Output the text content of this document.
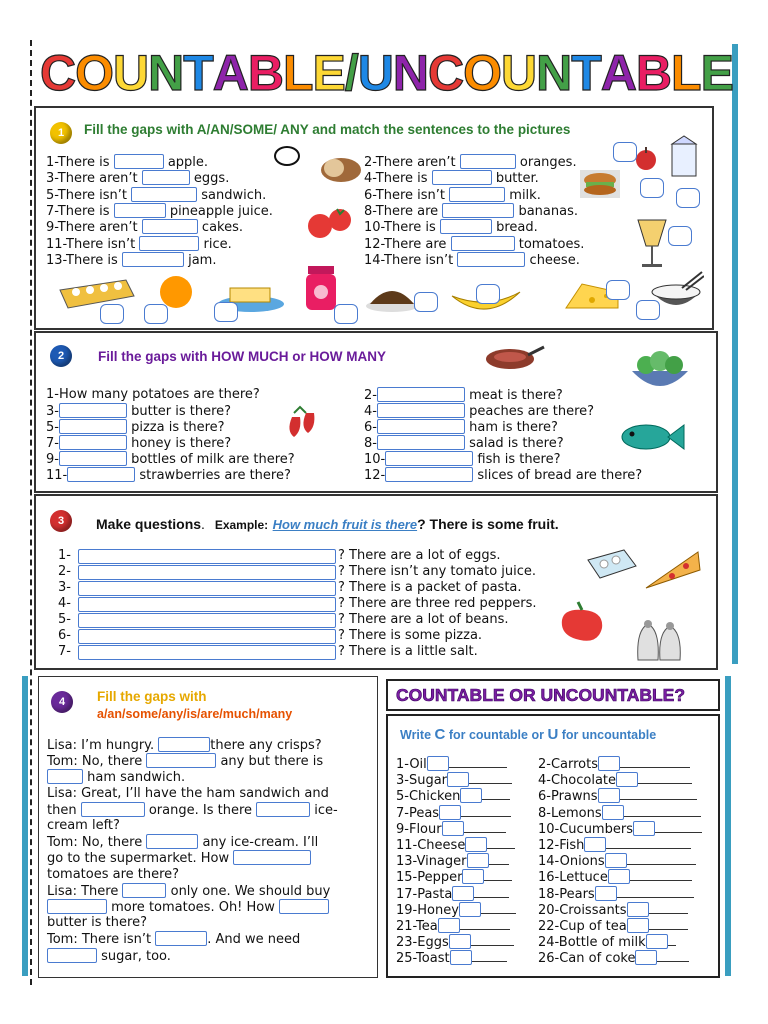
COUNTABLE/UNCOUNTABLE
1	Fill the gaps with A/AN/SOME/ ANY and match the sentences to the pictures
1-There is	apple.
3-There aren’t	eggs.
5-There isn’t	sandwich.
7-There is	pineapple juice.
9-There aren’t	cakes.
11-There isn’t	rice.
13-There is	jam.
2-There aren’t	oranges.
4-There is	butter.
6-There isn’t	milk.
8-There are	bananas.
10-There is	bread.
12-There are	tomatoes.
14-There isn’t	cheese.
2	Fill the gaps with HOW MUCH or HOW MANY
1-How many potatoes are there?
3-	butter is there?
5-	pizza is there?
7-	honey is there?
9-	bottles of milk are there?
11-	strawberries are there?
2-	meat is there?
4-	peaches are there?
6-	ham is there?
8-	salad is there?
10-	fish is there?
12-	slices of bread are there?
3	Make questions. Example: How much fruit is there? There is some fruit.
1-	? There are a lot of eggs.
2-	? There isn’t any tomato juice.
3-	? There is a packet of pasta.
4-	? There are three red peppers.
5-	? There are a lot of beans.
6-	? There is some pizza.
7-	? There is a little salt.
4	Fill the gaps with
a/an/some/any/is/are/much/many
Lisa: I’m hungry.	there any crisps?
Tom: No, there	any but there is
ham sandwich.
Lisa: Great, I’ll have the ham sandwich and
then	orange. Is there	ice-
cream left?
Tom: No, there	any ice-cream. I’ll
go to the supermarket. How
tomatoes are there?
Lisa: There	only one. We should buy
more tomatoes. Oh! How
butter is there?
Tom: There isn’t	. And we need
sugar, too.
COUNTABLE OR UNCOUNTABLE?
Write C for countable or U for uncountable
1-Oil
3-Sugar
5-Chicken
7-Peas
9-Flour
11-Cheese
13-Vinager
15-Pepper
17-Pasta
19-Honey
21-Tea
23-Eggs
25-Toast
2-Carrots
4-Chocolate
6-Prawns
8-Lemons
10-Cucumbers
12-Fish
14-Onions
16-Lettuce
18-Pears
20-Croissants
22-Cup of tea
24-Bottle of milk
26-Can of coke
